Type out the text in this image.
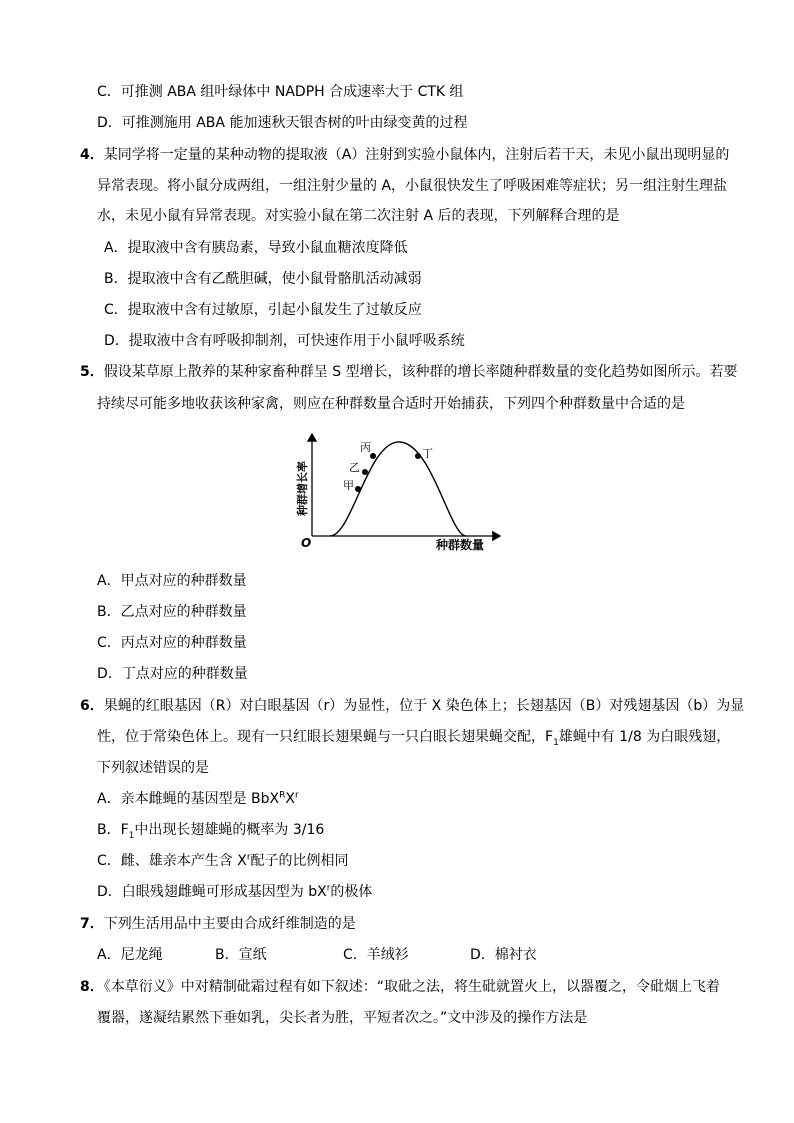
C．可推测 ABA 组叶绿体中 NADPH 合成速率大于 CTK 组
D．可推测施用 ABA 能加速秋天银杏树的叶由绿变黄的过程
4．某同学将一定量的某种动物的提取液（A）注射到实验小鼠体内，注射后若干天，未见小鼠出现明显的
异常表现。将小鼠分成两组，一组注射少量的 A，小鼠很快发生了呼吸困难等症状；另一组注射生理盐
水，未见小鼠有异常表现。对实验小鼠在第二次注射 A 后的表现，下列解释合理的是
A．提取液中含有胰岛素，导致小鼠血糖浓度降低
B．提取液中含有乙酰胆碱，使小鼠骨骼肌活动减弱
C．提取液中含有过敏原，引起小鼠发生了过敏反应
D．提取液中含有呼吸抑制剂，可快速作用于小鼠呼吸系统
5．假设某草原上散养的某种家畜种群呈 S 型增长，该种群的增长率随种群数量的变化趋势如图所示。若要
持续尽可能多地收获该种家禽，则应在种群数量合适时开始捕获，下列四个种群数量中合适的是
种群增长率
O	种群数量
甲
乙
丙	丁
A．甲点对应的种群数量
B．乙点对应的种群数量
C．丙点对应的种群数量
D．丁点对应的种群数量
6．果蝇的红眼基因（R）对白眼基因（r）为显性，位于 X 染色体上；长翅基因（B）对残翅基因（b）为显
性，位于常染色体上。现有一只红眼长翅果蝇与一只白眼长翅果蝇交配，$F_1$雄蝇中有 1/8 为白眼残翅，
下列叙述错误的是
A．亲本雌蝇的基因型是 $BbX^RX^r$
B．$F_1$中出现长翅雄蝇的概率为 3/16
C．雌、雄亲本产生含 $X^r$配子的比例相同
D．白眼残翅雌蝇可形成基因型为 $bX^r$的极体
7．下列生活用品中主要由合成纤维制造的是
A．尼龙绳	B．宣纸	C．羊绒衫	D．棉衬衣
8．《本草衍义》中对精制砒霜过程有如下叙述：“取砒之法，将生砒就置火上，以器覆之，令砒烟上飞着
覆器，遂凝结累然下垂如乳，尖长者为胜，平短者次之。”文中涉及的操作方法是
